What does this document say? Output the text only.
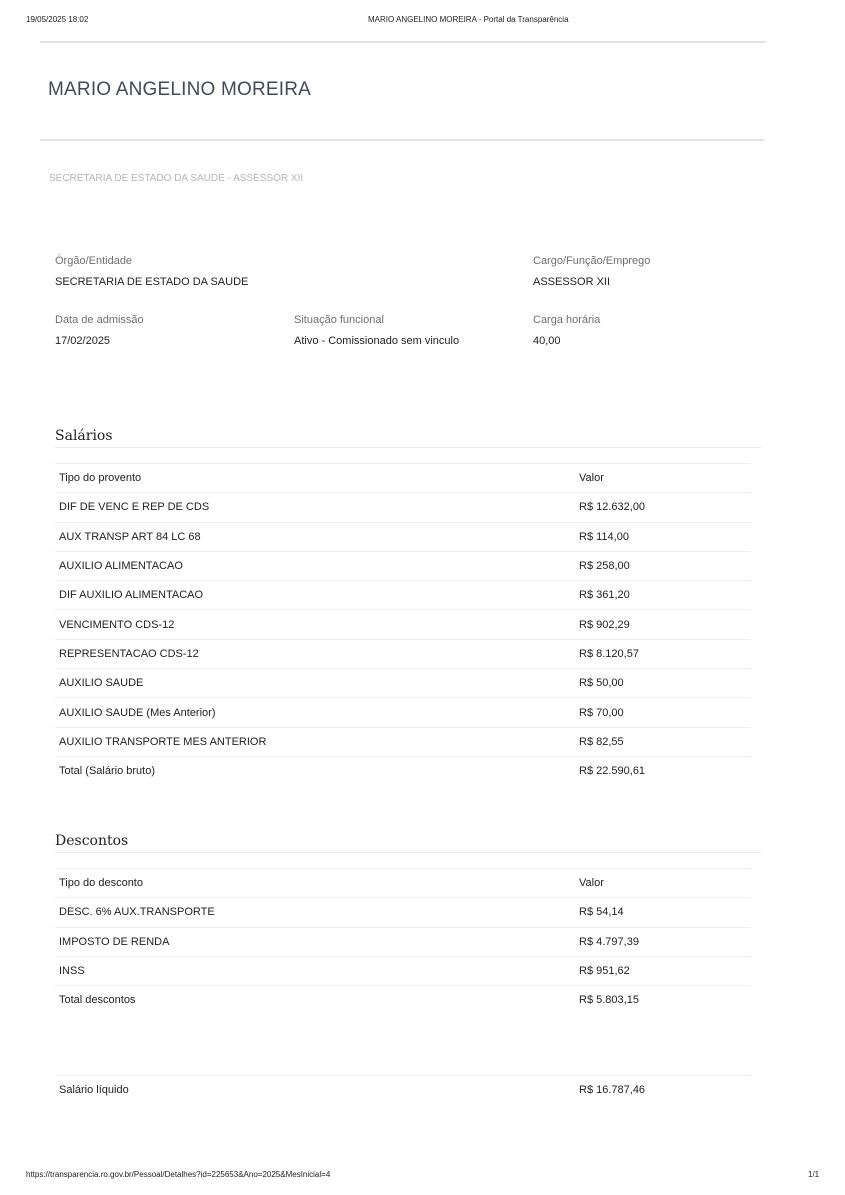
19/05/2025 18:02	MARIO ANGELINO MOREIRA - Portal da Transparência
MARIO ANGELINO MOREIRA
SECRETARIA DE ESTADO DA SAUDE - ASSESSOR XII
Órgão/Entidade
SECRETARIA DE ESTADO DA SAUDE
Cargo/Função/Emprego
ASSESSOR XII
Data de admissão
17/02/2025
Situação funcional
Ativo - Comissionado sem vinculo
Carga horária
40,00
Salários
Tipo do provento	Valor
DIF DE VENC E REP DE CDS	R$ 12.632,00
AUX TRANSP ART 84 LC 68	R$ 114,00
AUXILIO ALIMENTACAO	R$ 258,00
DIF AUXILIO ALIMENTACAO	R$ 361,20
VENCIMENTO CDS-12	R$ 902,29
REPRESENTACAO CDS-12	R$ 8.120,57
AUXILIO SAUDE	R$ 50,00
AUXILIO SAUDE (Mes Anterior)	R$ 70,00
AUXILIO TRANSPORTE MES ANTERIOR	R$ 82,55
Total (Salário bruto)	R$ 22.590,61
Descontos
Tipo do desconto	Valor
DESC. 6% AUX.TRANSPORTE	R$ 54,14
IMPOSTO DE RENDA	R$ 4.797,39
INSS	R$ 951,62
Total descontos	R$ 5.803,15
Salário líquido	R$ 16.787,46
https://transparencia.ro.gov.br/Pessoal/Detalhes?id=225653&Ano=2025&MesInicial=4	1/1
